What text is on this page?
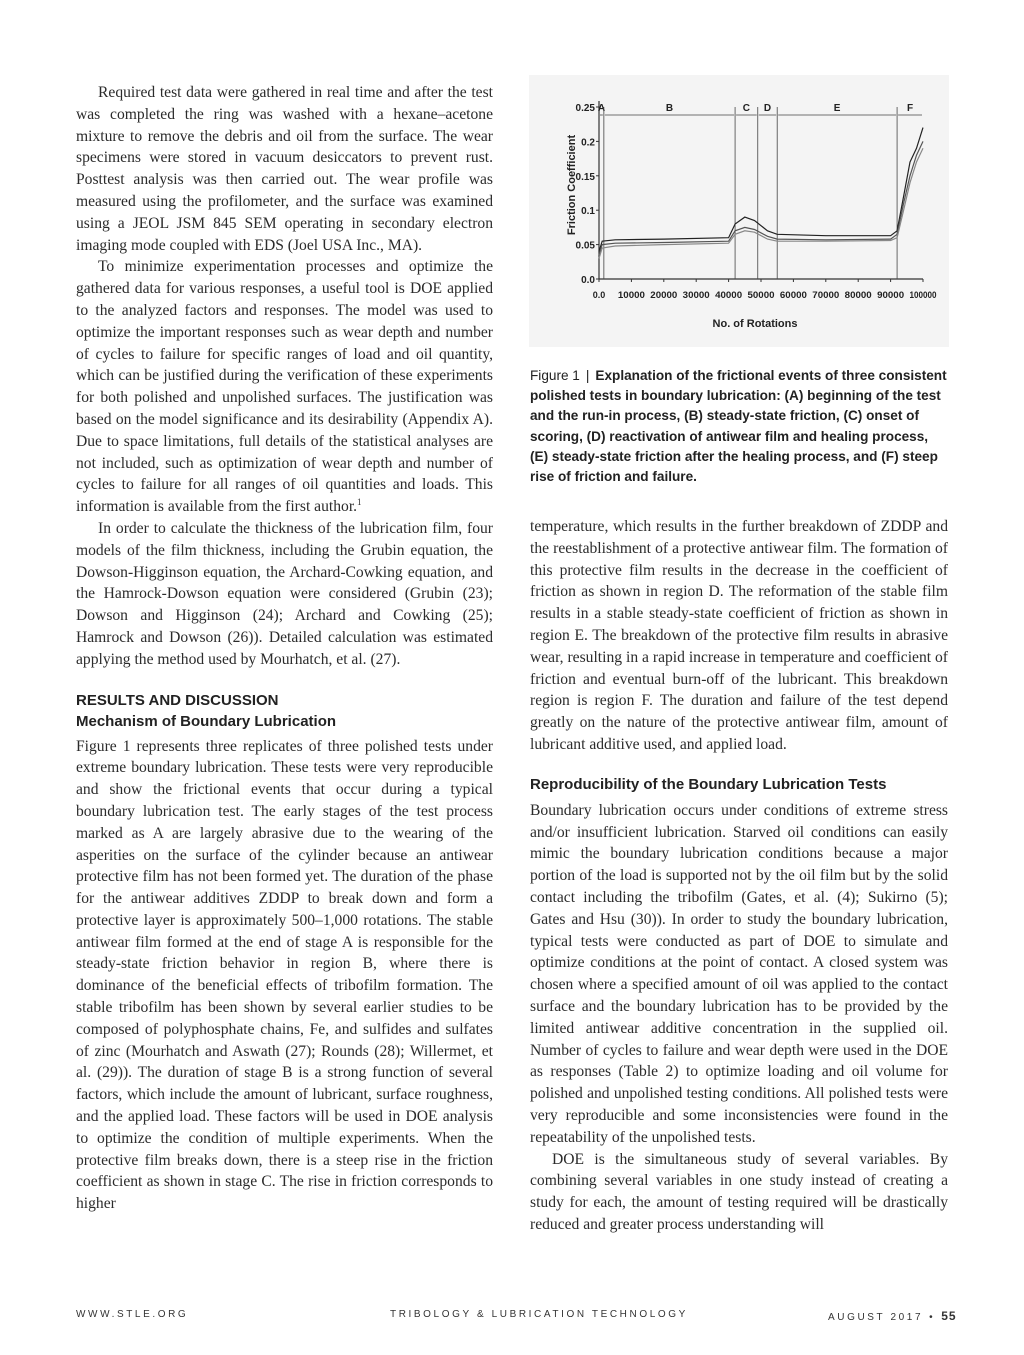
Required test data were gathered in real time and after the test was completed the ring was washed with a hexane–acetone mixture to remove the debris and oil from the surface. The wear specimens were stored in vacuum desiccators to prevent rust. Posttest analysis was then carried out. The wear profile was measured using the profilometer, and the surface was examined using a JEOL JSM 845 SEM operating in secondary electron imaging mode coupled with EDS (Joel USA Inc., MA).

To minimize experimentation processes and optimize the gathered data for various responses, a useful tool is DOE applied to the analyzed factors and responses. The model was used to optimize the important responses such as wear depth and number of cycles to failure for specific ranges of load and oil quantity, which can be justified during the verification of these experiments for both polished and unpolished surfaces. The justification was based on the model significance and its desirability (Appendix A). Due to space limitations, full details of the statistical analyses are not included, such as optimization of wear depth and number of cycles to failure for all ranges of oil quantities and loads. This information is available from the first author.$^1$

In order to calculate the thickness of the lubrication film, four models of the film thickness, including the Grubin equation, the Dowson-Higginson equation, the Archard-Cowking equation, and the Hamrock-Dowson equation were considered (Grubin (23); Dowson and Higginson (24); Archard and Cowking (25); Hamrock and Dowson (26)). Detailed calculation was estimated applying the method used by Mourhatch, et al. (27).

RESULTS AND DISCUSSION
Mechanism of Boundary Lubrication

Figure 1 represents three replicates of three polished tests under extreme boundary lubrication. These tests were very reproducible and show the frictional events that occur during a typical boundary lubrication test. The early stages of the test process marked as A are largely abrasive due to the wearing of the asperities on the surface of the cylinder because an antiwear protective film has not been formed yet. The duration of the phase for the antiwear additives ZDDP to break down and form a protective layer is approximately 500–1,000 rotations. The stable antiwear film formed at the end of stage A is responsible for the steady-state friction behavior in region B, where there is dominance of the beneficial effects of tribofilm formation. The stable tribofilm has been shown by several earlier studies to be composed of polyphosphate chains, Fe, and sulfides and sulfates of zinc (Mourhatch and Aswath (27); Rounds (28); Willermet, et al. (29)). The duration of stage B is a strong function of several factors, which include the amount of lubricant, surface roughness, and the applied load. These factors will be used in DOE analysis to optimize the condition of multiple experiments. When the protective film breaks down, there is a steep rise in the friction coefficient as shown in stage C. The rise in friction corresponds to higher

A	B	C D	E	F
0.0
0.05
0.1
0.15
0.2
0.25
0.0 10000 20000 30000 40000 50000 60000 70000 80000 90000 100000
No. of Rotations
Friction Coefficient
Figure 1 | Explanation of the frictional events of three consistent polished tests in boundary lubrication: (A) beginning of the test and the run-in process, (B) steady-state friction, (C) onset of scoring, (D) reactivation of antiwear film and healing process, (E) steady-state friction after the healing process, and (F) steep rise of friction and failure.

temperature, which results in the further breakdown of ZDDP and the reestablishment of a protective antiwear film. The formation of this protective film results in the decrease in the coefficient of friction as shown in region D. The reformation of the stable film results in a stable steady-state coefficient of friction as shown in region E. The breakdown of the protective film results in abrasive wear, resulting in a rapid increase in temperature and coefficient of friction and eventual burn-off of the lubricant. This breakdown region is region F. The duration and failure of the test depend greatly on the nature of the protective antiwear film, amount of lubricant additive used, and applied load.

Reproducibility of the Boundary Lubrication Tests

Boundary lubrication occurs under conditions of extreme stress and/or insufficient lubrication. Starved oil conditions can easily mimic the boundary lubrication conditions because a major portion of the load is supported not by the oil film but by the solid contact including the tribofilm (Gates, et al. (4); Sukirno (5); Gates and Hsu (30)). In order to study the boundary lubrication, typical tests were conducted as part of DOE to simulate and optimize conditions at the point of contact. A closed system was chosen where a specified amount of oil was applied to the contact surface and the boundary lubrication has to be provided by the limited antiwear additive concentration in the supplied oil. Number of cycles to failure and wear depth were used in the DOE as responses (Table 2) to optimize loading and oil volume for polished and unpolished testing conditions. All polished tests were very reproducible and some inconsistencies were found in the repeatability of the unpolished tests.

DOE is the simultaneous study of several variables. By combining several variables in one study instead of creating a study for each, the amount of testing required will be drastically reduced and greater process understanding will

WWW.STLE.ORG	TRIBOLOGY & LUBRICATION TECHNOLOGY	AUGUST 2017 • 55
